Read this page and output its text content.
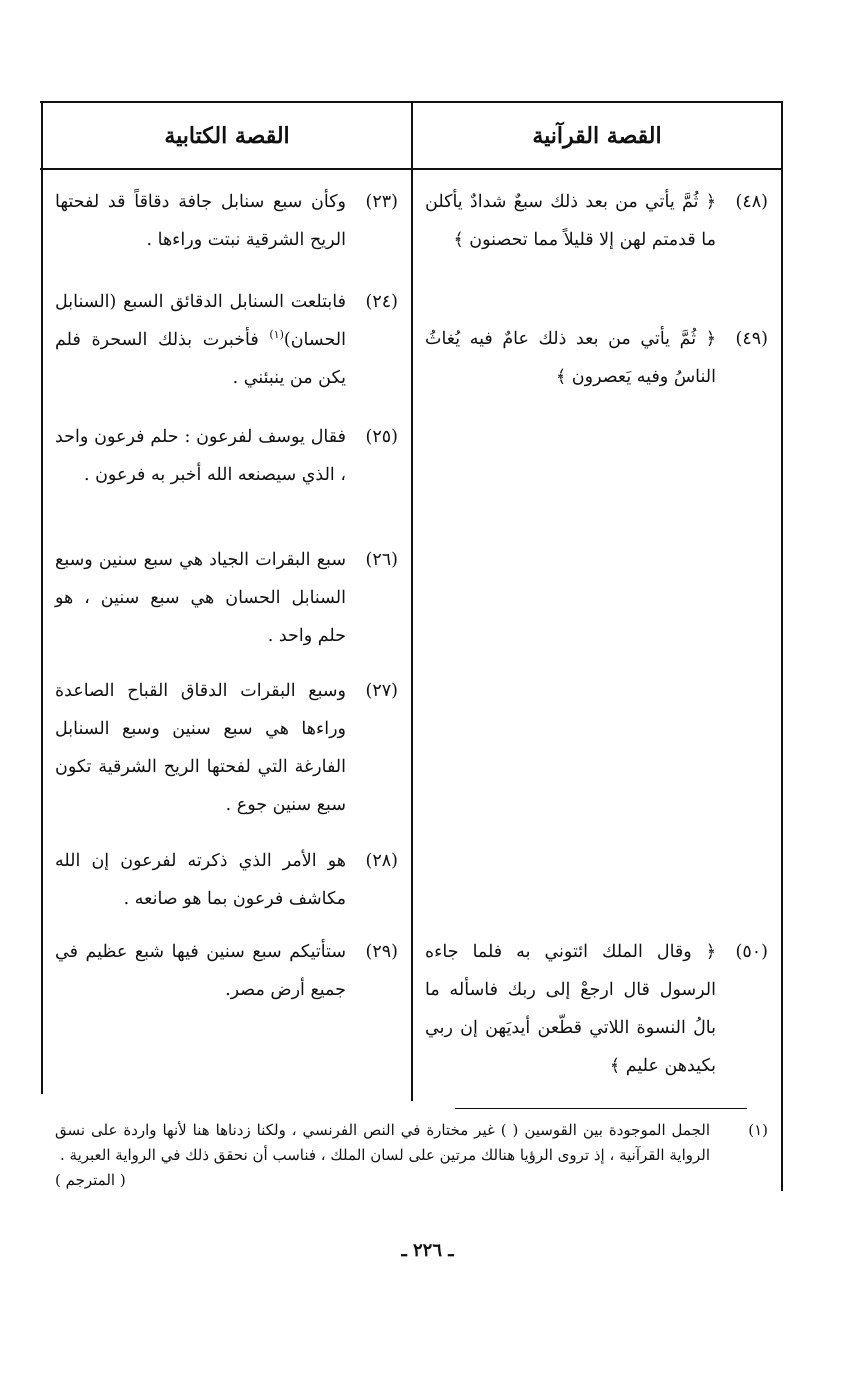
القصة القرآنية
القصة الكتابية
(٤٨)
﴿ ثُمَّ يأتي من بعد ذلك سبعٌ شدادٌ يأكلن ما قدمتم لهن إلا قليلاً مما تحصنون ﴾
(٤٩)
﴿ ثُمَّ يأتي من بعد ذلك عامٌ فيه يُغاثُ الناسُ وفيه يَعصرون ﴾
(٥٠)
﴿ وقال الملك ائتوني به فلما جاءه الرسول قال ارجعْ إلى ربك فاسأله ما بالُ النسوة اللاتي قطّعن أيديَهن إن ربي بكيدهن عليم ﴾
(٢٣)
وكأن سبع سنابل جافة دقاقاً قد لفحتها الريح الشرقية نبتت وراءها .
(٢٤)
فابتلعت السنابل الدقائق السبع (السنابل الحسان)$^{(١)}$ فأخبرت بذلك السحرة فلم يكن من ينبئني .
(٢٥)
فقال يوسف لفرعون : حلم فرعون واحد ، الذي سيصنعه الله أخبر به فرعون .
(٢٦)
سبع البقرات الجياد هي سبع سنين وسبع السنابل الحسان هي سبع سنين ، هو حلم واحد .
(٢٧)
وسبع البقرات الدقاق القباح الصاعدة وراءها هي سبع سنين وسبع السنابل الفارغة التي لفحتها الريح الشرقية تكون سبع سنين جوع .
(٢٨)
هو الأمر الذي ذكرته لفرعون إن الله مكاشف فرعون بما هو صانعه .
(٢٩)
ستأتيكم سبع سنين فيها شبع عظيم في جميع أرض مصر.
(١)
الجمل الموجودة بين القوسين ( ) غير مختارة في النص الفرنسي ، ولكنا زدناها هنا لأنها واردة على نسق الرواية القرآنية ، إذ تروى الرؤيا هنالك مرتين على لسان الملك ، فناسب أن نحقق ذلك في الرواية العبرية .
( المترجم )
ـ ٢٢٦ ـ
